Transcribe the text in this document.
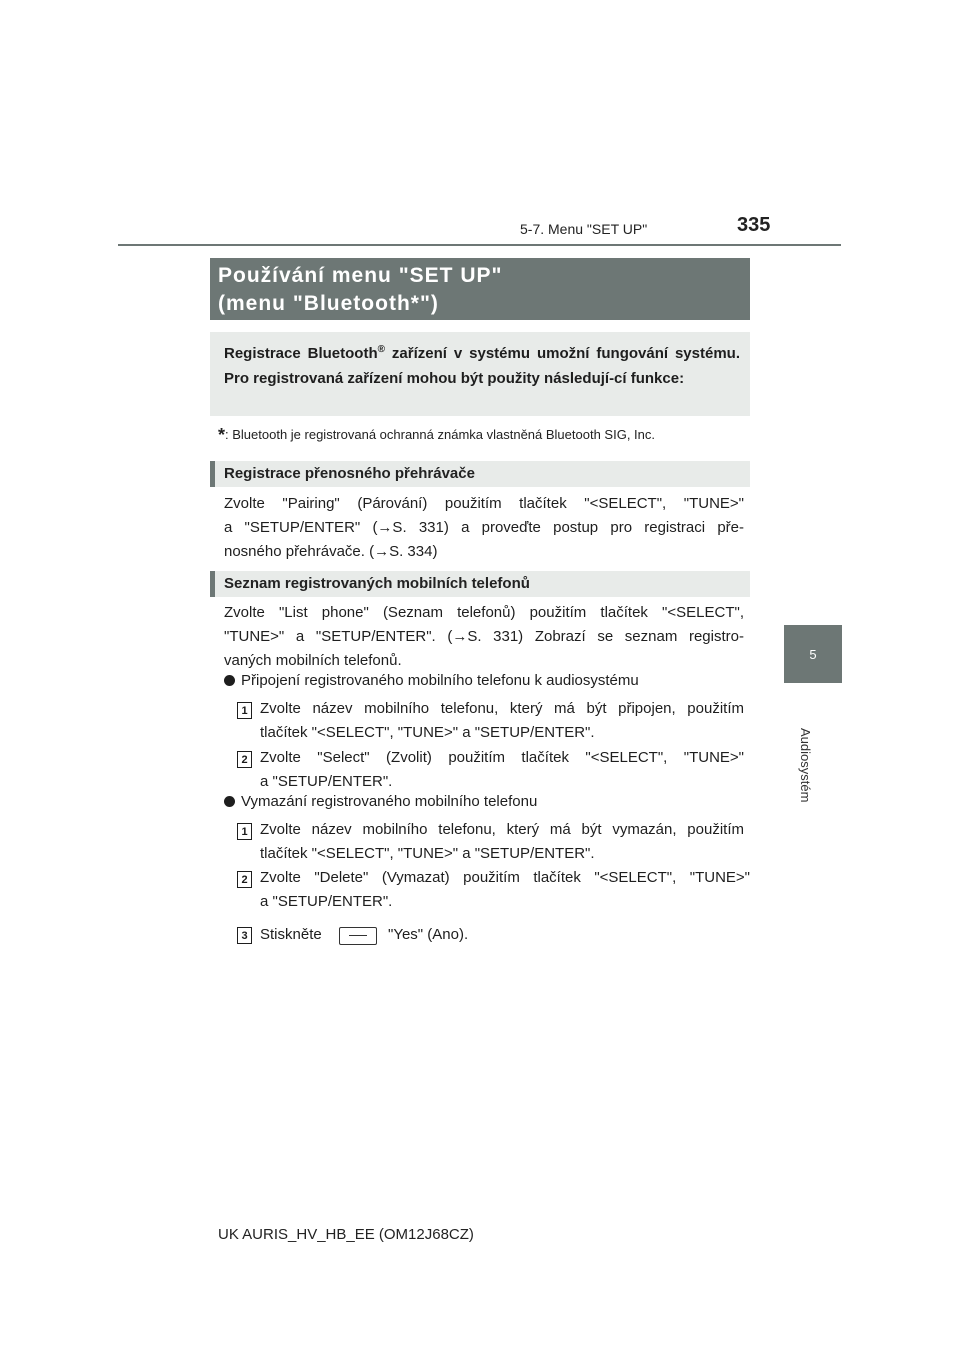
5-7. Menu "SET UP"	335
5
Audiosystém
Používání menu "SET UP"
(menu "Bluetooth*")
Registrace Bluetooth® zařízení v systému umožní fungování systému. Pro registrovaná zařízení mohou být použity následují-cí funkce:
*: Bluetooth je registrovaná ochranná známka vlastněná Bluetooth SIG, Inc.
Registrace přenosného přehrávače
Zvolte "Pairing" (Párování) použitím tlačítek "<SELECT", "TUNE>"
a "SETUP/ENTER" (→S. 331) a proveďte postup pro registraci pře-
nosného přehrávače. (→S. 334)
Seznam registrovaných mobilních telefonů
Zvolte "List phone" (Seznam telefonů) použitím tlačítek "<SELECT",
"TUNE>" a "SETUP/ENTER". (→S. 331) Zobrazí se seznam registro-
vaných mobilních telefonů.
Připojení registrovaného mobilního telefonu k audiosystému
1 Zvolte název mobilního telefonu, který má být připojen, použitím
tlačítek "<SELECT", "TUNE>" a "SETUP/ENTER".
2 Zvolte "Select" (Zvolit) použitím tlačítek "<SELECT", "TUNE>"
a "SETUP/ENTER".
Vymazání registrovaného mobilního telefonu
1 Zvolte název mobilního telefonu, který má být vymazán, použitím
tlačítek "<SELECT", "TUNE>" a "SETUP/ENTER".
2 Zvolte "Delete" (Vymazat) použitím tlačítek "<SELECT", "TUNE>"
a "SETUP/ENTER".
3 Stiskněte	"Yes" (Ano).
UK AURIS_HV_HB_EE (OM12J68CZ)
